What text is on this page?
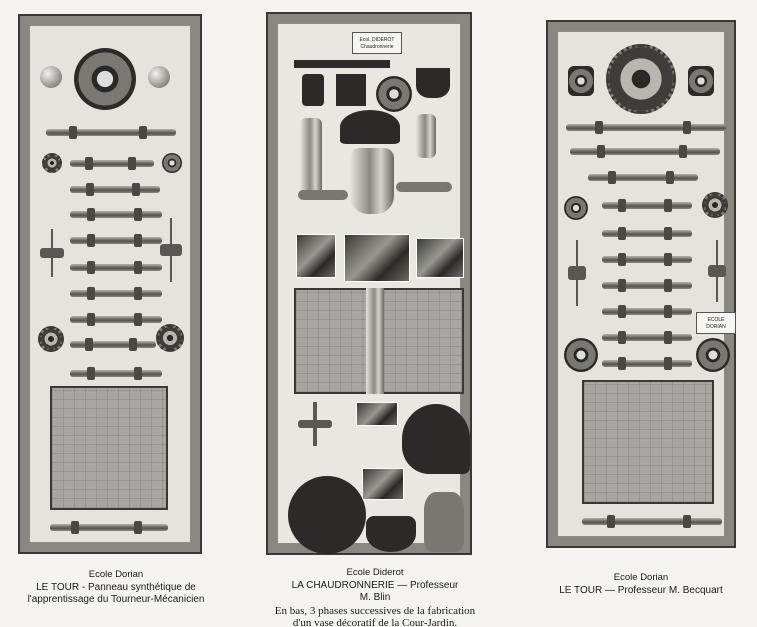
Ecol. DIDEROT
Chaudronnerie
ECOLE
DORIAN
Ecole Dorian
LE TOUR - Panneau synthétique de
l'apprentissage du Tourneur-Mécanicien
Ecole Diderot
LA CHAUDRONNERIE — Professeur
M. Blin
En bas, 3 phases successives de la fabrication
d'un vase décoratif de la Cour-Jardin.
Ecole Dorian
LE TOUR — Professeur M. Becquart
